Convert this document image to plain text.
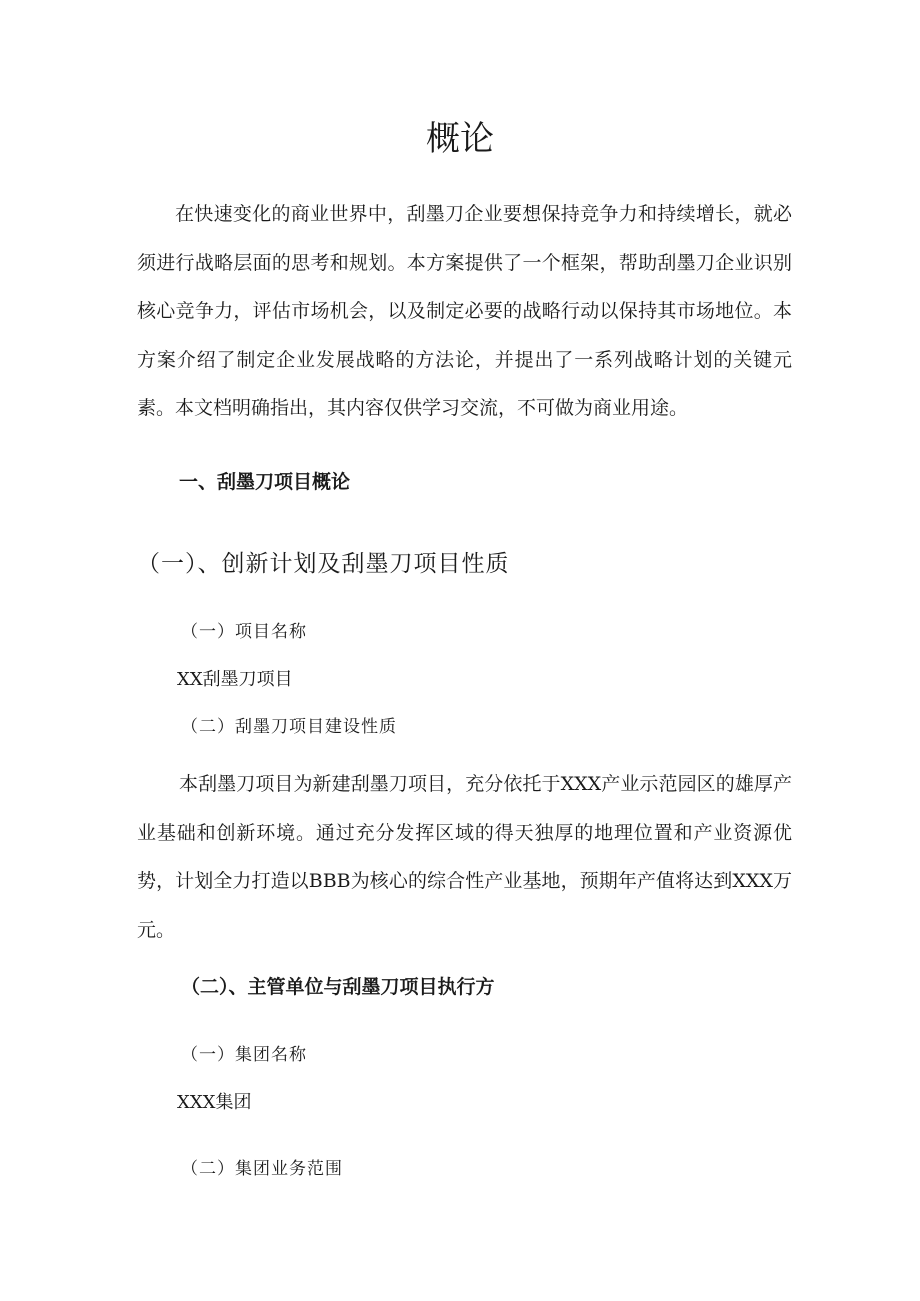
概论

在快速变化的商业世界中，刮墨刀企业要想保持竞争力和持续增长，就必须进行战略层面的思考和规划。本方案提供了一个框架，帮助刮墨刀企业识别核心竞争力，评估市场机会，以及制定必要的战略行动以保持其市场地位。本方案介绍了制定企业发展战略的方法论，并提出了一系列战略计划的关键元素。本文档明确指出，其内容仅供学习交流，不可做为商业用途。

一、刮墨刀项目概论
（一）、创新计划及刮墨刀项目性质
（一）项目名称
XX刮墨刀项目
（二）刮墨刀项目建设性质

本刮墨刀项目为新建刮墨刀项目，充分依托于XXX产业示范园区的雄厚产业基础和创新环境。通过充分发挥区域的得天独厚的地理位置和产业资源优势，计划全力打造以BBB为核心的综合性产业基地，预期年产值将达到XXX万元。

（二）、主管单位与刮墨刀项目执行方
（一）集团名称
XXX集团
（二）集团业务范围
